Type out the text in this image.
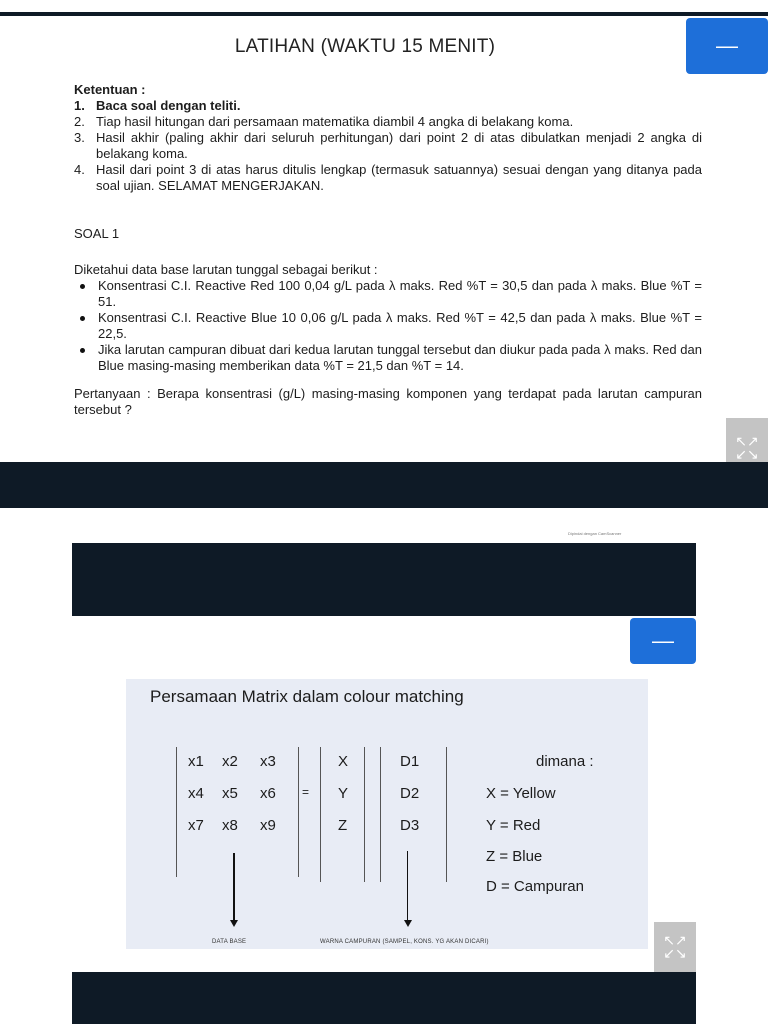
LATIHAN (WAKTU 15 MENIT)	—
Ketentuan :
1. Baca soal dengan teliti.
2. Tiap hasil hitungan dari persamaan matematika diambil 4 angka di belakang koma.
3. Hasil akhir (paling akhir dari seluruh perhitungan) dari point 2 di atas dibulatkan menjadi 2 angka di belakang koma.
4. Hasil dari point 3 di atas harus ditulis lengkap (termasuk satuannya) sesuai dengan yang ditanya pada soal ujian. SELAMAT MENGERJAKAN.
SOAL 1
Diketahui data base larutan tunggal sebagai berikut :
Konsentrasi C.I. Reactive Red 100 0,04 g/L pada λ maks. Red %T = 30,5 dan pada λ maks. Blue %T = 51.
Konsentrasi C.I. Reactive Blue 10 0,06 g/L pada λ maks. Red %T = 42,5 dan pada λ maks. Blue %T = 22,5.
Jika larutan campuran dibuat dari kedua larutan tunggal tersebut dan diukur pada pada λ maks. Red dan Blue masing-masing memberikan data %T = 21,5 dan %T = 14.
Pertanyaan : Berapa konsentrasi (g/L) masing-masing komponen yang terdapat pada larutan campuran tersebut ?
↖↗ ↙↘
Dipindai dengan CamScanner
—
Persamaan Matrix dalam colour matching
x1 x2 x3
x4 x5 x6
x7 x8 x9
=
X
Y
Z
D1
D2
D3
DATA BASE	WARNA CAMPURAN (SAMPEL, KONS. YG AKAN DICARI)
dimana :
X = Yellow
Y = Red
Z = Blue
D = Campuran
↖↗ ↙↘
